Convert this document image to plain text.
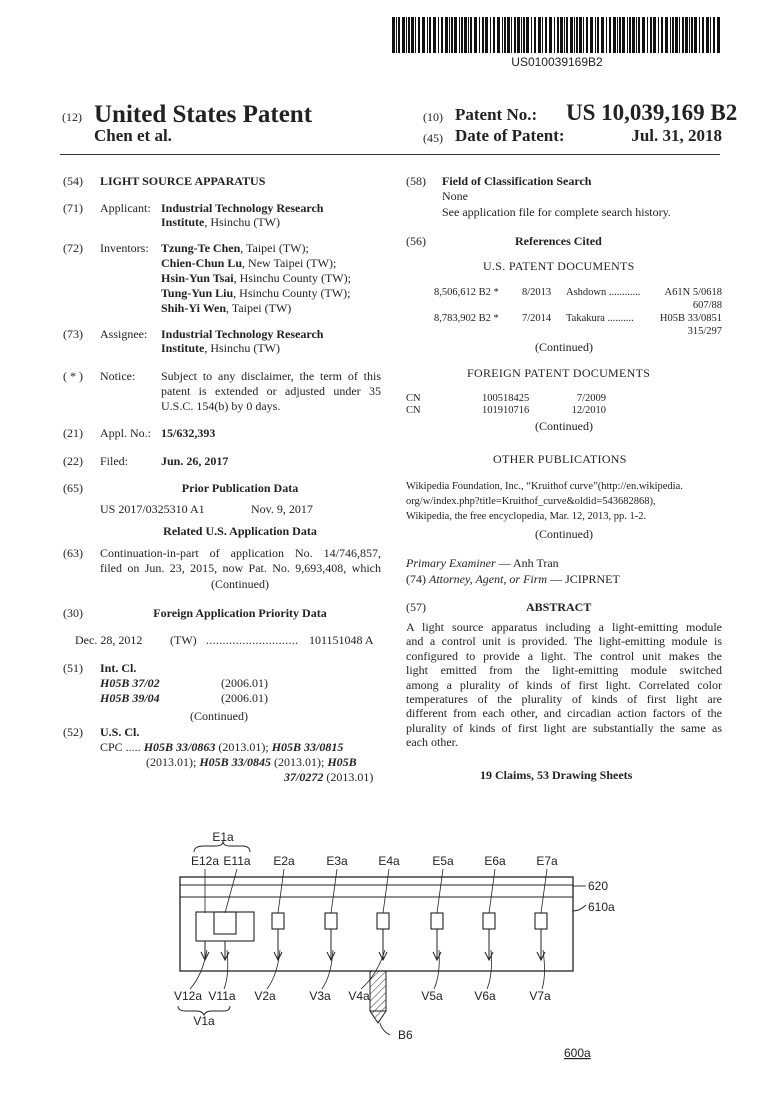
US010039169B2
(12) United States Patent
Chen et al.
(10) Patent No.: US 10,039,169 B2
(45) Date of Patent:	Jul. 31, 2018
(54) LIGHT SOURCE APPARATUS
(71) Applicant: Industrial Technology Research
Institute, Hsinchu (TW)
(72) Inventors: Tzung-Te Chen, Taipei (TW);
Chien-Chun Lu, New Taipei (TW);
Hsin-Yun Tsai, Hsinchu County (TW);
Tung-Yun Liu, Hsinchu County (TW);
Shih-Yi Wen, Taipei (TW)
(73) Assignee: Industrial Technology Research
Institute, Hsinchu (TW)
( * ) Notice: Subject to any disclaimer, the term of this
patent is extended or adjusted under 35
U.S.C. 154(b) by 0 days.
(21) Appl. No.: 15/632,393
(22) Filed:	Jun. 26, 2017
(65)	Prior Publication Data
US 2017/0325310 A1	Nov. 9, 2017
Related U.S. Application Data
(63) Continuation-in-part of application No. 14/746,857,
filed on Jun. 23, 2015, now Pat. No. 9,693,408, which
(Continued)
(30)	Foreign Application Priority Data
Dec. 28, 2012 (TW) ............................ 101151048 A
(51) Int. Cl.
H05B 37/02	(2006.01)
H05B 39/04	(2006.01)
(Continued)
(52) U.S. Cl.
CPC ..... H05B 33/0863 (2013.01); H05B 33/0815
(2013.01); H05B 33/0845 (2013.01); H05B
37/0272 (2013.01)
(58) Field of Classification Search
None
See application file for complete search history.
(56)	References Cited
U.S. PATENT DOCUMENTS
8,506,612 B2 * 8/2013 Ashdown ............	A61N 5/0618
607/88
8,783,902 B2 * 7/2014 Takakura ..........	H05B 33/0851
315/297
(Continued)
FOREIGN PATENT DOCUMENTS
CN	100518425	7/2009
CN	101910716	12/2010
(Continued)
OTHER PUBLICATIONS
Wikipedia Foundation, Inc., “Kruithof curve”(http://en.wikipedia.
org/w/index.php?title=Kruithof_curve&oldid=543682868),
Wikipedia, the free encyclopedia, Mar. 12, 2013, pp. 1-2.
(Continued)
Primary Examiner — Anh Tran
(74) Attorney, Agent, or Firm — JCIPRNET
(57)	ABSTRACT
A light source apparatus including a light-emitting module
and a control unit is provided. The light-emitting module is
configured to provide a light. The control unit makes the
light emitted from the light-emitting module switched
among a plurality of kinds of first light. Correlated color
temperatures of the plurality of kinds of first light are
different from each other, and circadian action factors of the
plurality of kinds of first light are substantially the same as
each other.
19 Claims, 53 Drawing Sheets
E1a
E12a E11a E2a	E3a	E4a	E5a	E6a	E7a
620
610a
B6
V12a V11a V2a	V3a V4a	V5a	V6a	V7a
V1a
600a
